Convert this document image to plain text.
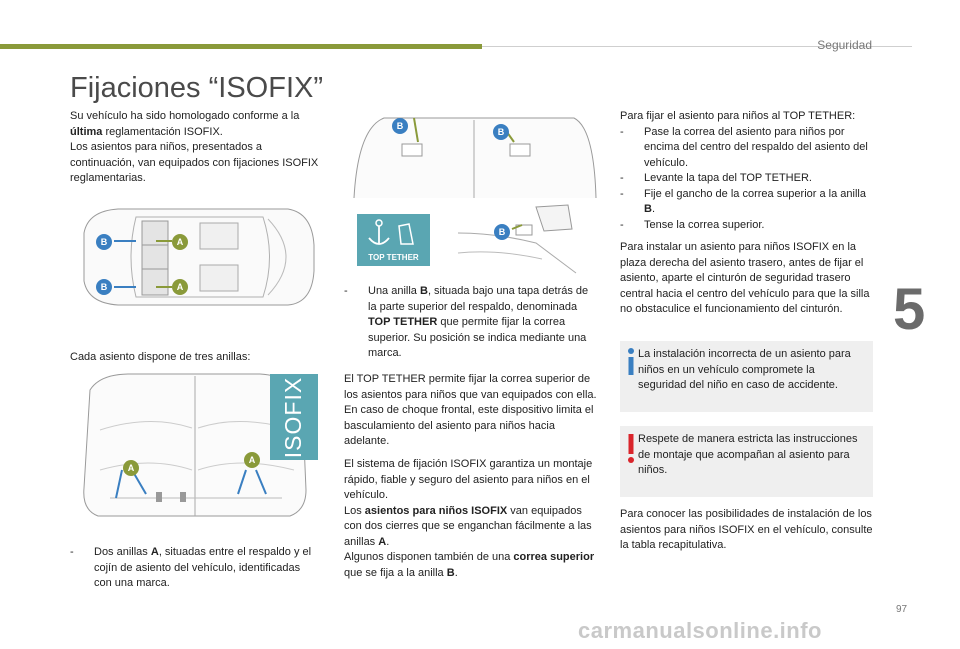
Seguridad
Fijaciones “ISOFIX”

Su vehículo ha sido homologado conforme a la
última reglamentación ISOFIX.

Los asientos para niños, presentados a continuación, van equipados con fijaciones ISOFIX reglamentarias.

B
B
A
A
Cada asiento dispone de tres anillas:
A
A
ISOFIX
-	Dos anillas A, situadas entre el respaldo y el cojín de asiento del vehículo, identificadas con una marca.
B
B
TOP TETHER
B
-	Una anilla B, situada bajo una tapa detrás de la parte superior del respaldo, denominada TOP TETHER que permite fijar la correa superior. Su posición se indica mediante una marca.
El TOP TETHER permite fijar la correa superior de los asientos para niños que van equipados con ella. En caso de choque frontal, este dispositivo limita el basculamiento del asiento para niños hacia adelante.

El sistema de fijación ISOFIX garantiza un montaje rápido, fiable y seguro del asiento para niños en el vehículo.

Los asientos para niños ISOFIX van equipados con dos cierres que se enganchan fácilmente a las anillas A.

Algunos disponen también de una correa superior que se fija a la anilla B.

Para fijar el asiento para niños al TOP TETHER:

-	Pase la correa del asiento para niños por encima del centro del respaldo del asiento del vehículo.
-	Levante la tapa del TOP TETHER.
-	Fije el gancho de la correa superior a la anilla B.
-	Tense la correa superior.
Para instalar un asiento para niños ISOFIX en la plaza derecha del asiento trasero, antes de fijar el asiento, aparte el cinturón de seguridad trasero central hacia el centro del vehículo para que la silla no obstaculice el funcionamiento del cinturón.
La instalación incorrecta de un asiento para niños en un vehículo compromete la seguridad del niño en caso de accidente.
Respete de manera estricta las instrucciones de montaje que acompañan al asiento para niños.
Para conocer las posibilidades de instalación de los asientos para niños ISOFIX en el vehículo, consulte la tabla recapitulativa.
5
97
carmanualsonline.info
